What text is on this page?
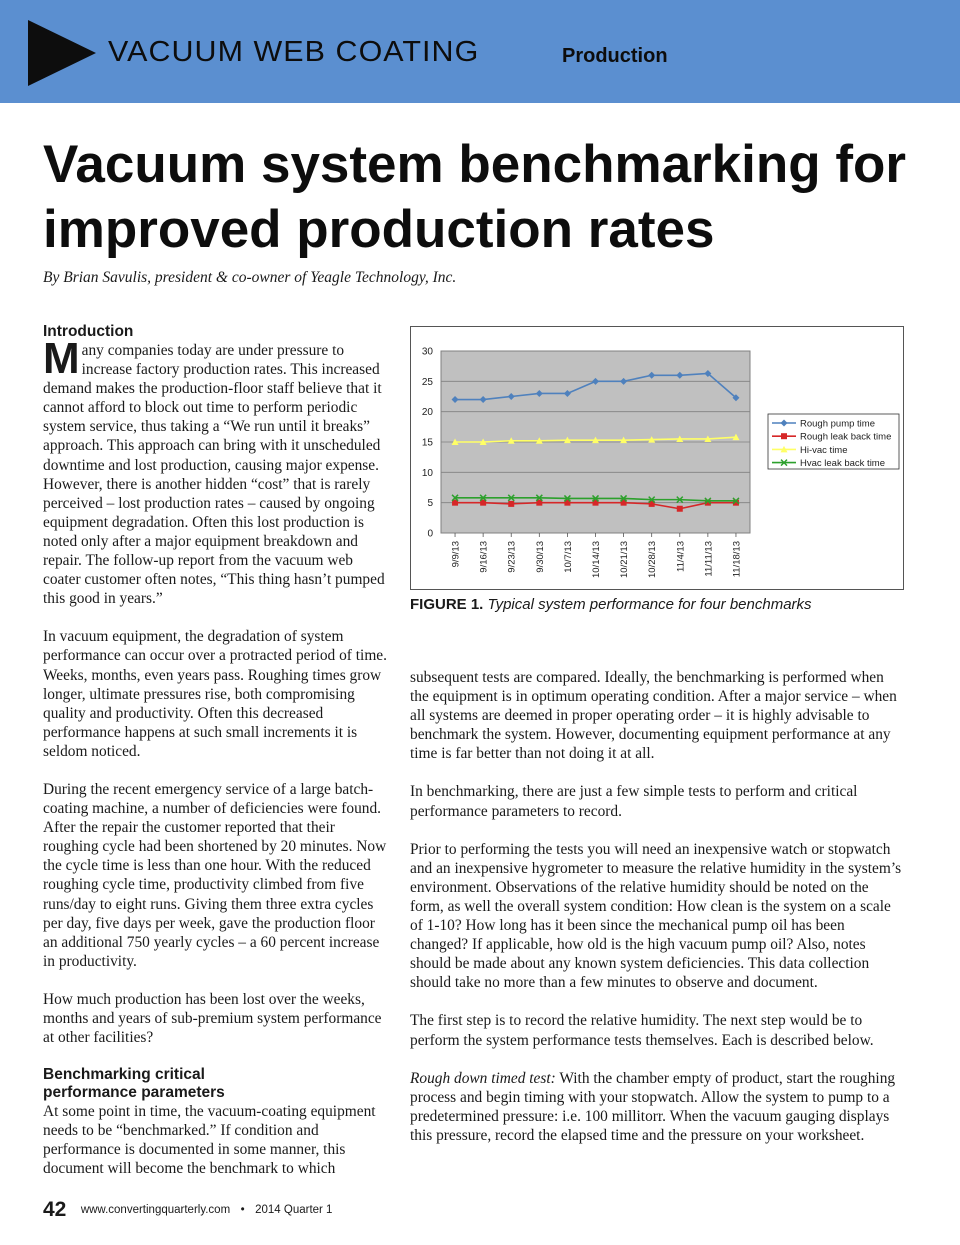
VACUUM WEB COATING	Production
Vacuum system benchmarking for improved production rates
By Brian Savulis, president & co-owner of Yeagle Technology, Inc.
Introduction

Many companies today are under pressure to increase factory production rates. This increased demand makes the production-floor staff believe that it cannot afford to block out time to perform periodic system service, thus taking a “We run until it breaks” approach. This approach can bring with it unscheduled downtime and lost production, causing major expense. However, there is another hidden “cost” that is rarely perceived – lost production rates – caused by ongoing equipment degradation. Often this lost production is noted only after a major equipment breakdown and repair. The follow-up report from the vacuum web coater customer often notes, “This thing hasn’t pumped this good in years.”

In vacuum equipment, the degradation of system performance can occur over a protracted period of time. Weeks, months, even years pass. Roughing times grow longer, ultimate pressures rise, both compromising quality and productivity. Often this decreased performance happens at such small increments it is seldom noticed.

During the recent emergency service of a large batch-coating machine, a number of deficiencies were found. After the repair the customer reported that their roughing cycle had been shortened by 20 minutes. Now the cycle time is less than one hour. With the reduced roughing cycle time, productivity climbed from five runs/day to eight runs. Giving them three extra cycles per day, five days per week, gave the production floor an additional 750 yearly cycles – a 60 percent increase in productivity.

How much production has been lost over the weeks, months and years of sub-premium system performance at other facilities?

Benchmarking critical performance parameters

At some point in time, the vacuum-coating equipment needs to be “benchmarked.” If condition and performance is documented in some manner, this document will become the benchmark to which

0
5
10
15
20
25
30
9/9/13 9/16/13 9/23/13 9/30/13 10/7/13 10/14/13 10/21/13 10/28/13 11/4/13 11/11/13 11/18/13
Rough pump time
Rough leak back time
Hi-vac time
Hvac leak back time
FIGURE 1. Typical system performance for four benchmarks

subsequent tests are compared. Ideally, the benchmarking is performed when the equipment is in optimum operating condition. After a major service – when all systems are deemed in proper operating order – it is highly advisable to benchmark the system. However, documenting equipment performance at any time is far better than not doing it at all.

In benchmarking, there are just a few simple tests to perform and critical performance parameters to record.

Prior to performing the tests you will need an inexpensive watch or stopwatch and an inexpensive hygrometer to measure the relative humidity in the system’s environment. Observations of the relative humidity should be noted on the form, as well the overall system condition: How clean is the system on a scale of 1-10? How long has it been since the mechanical pump oil has been changed? If applicable, how old is the high vacuum pump oil? Also, notes should be made about any known system deficiencies. This data collection should take no more than a few minutes to observe and document.

The first step is to record the relative humidity. The next step would be to perform the system performance tests themselves. Each is described below.

Rough down timed test: With the chamber empty of product, start the roughing process and begin timing with your stopwatch. Allow the system to pump to a predetermined pressure: i.e. 100 millitorr. When the vacuum gauging displays this pressure, record the elapsed time and the pressure on your worksheet.

42 www.convertingquarterly.com • 2014 Quarter 1
